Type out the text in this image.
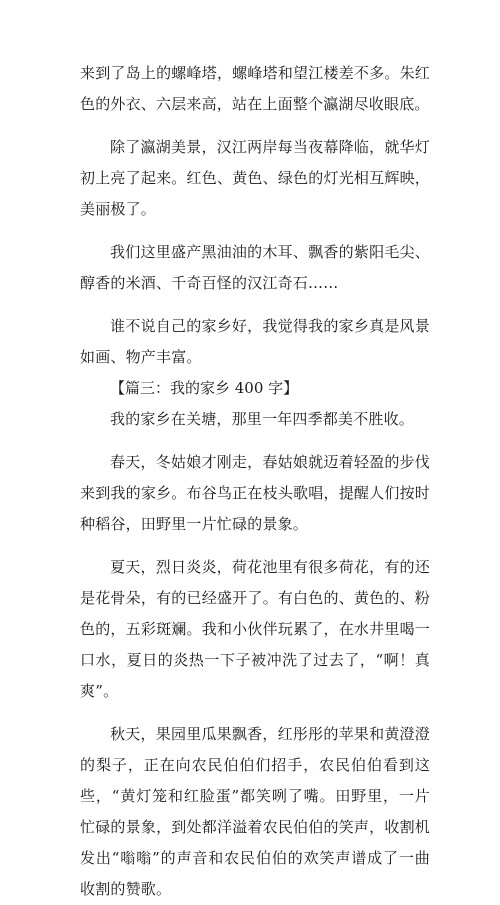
来到了岛上的螺峰塔，螺峰塔和望江楼差不多。朱红色的外衣、六层来高，站在上面整个瀛湖尽收眼底。

除了瀛湖美景，汉江两岸每当夜幕降临，就华灯初上亮了起来。红色、黄色、绿色的灯光相互辉映，美丽极了。

我们这里盛产黑油油的木耳、飘香的紫阳毛尖、醇香的米酒、千奇百怪的汉江奇石……

谁不说自己的家乡好，我觉得我的家乡真是风景如画、物产丰富。

【篇三：我的家乡 400 字】

我的家乡在关塘，那里一年四季都美不胜收。

春天，冬姑娘才刚走，春姑娘就迈着轻盈的步伐来到我的家乡。布谷鸟正在枝头歌唱，提醒人们按时种稻谷，田野里一片忙碌的景象。

夏天，烈日炎炎，荷花池里有很多荷花，有的还是花骨朵，有的已经盛开了。有白色的、黄色的、粉色的，五彩斑斓。我和小伙伴玩累了，在水井里喝一口水，夏日的炎热一下子被冲洗了过去了，“啊！真爽”。

秋天，果园里瓜果飘香，红彤彤的苹果和黄澄澄的梨子，正在向农民伯伯们招手，农民伯伯看到这些，“黄灯笼和红脸蛋”都笑咧了嘴。田野里，一片忙碌的景象，到处都洋溢着农民伯伯的笑声，收割机发出“嗡嗡”的声音和农民伯伯的欢笑声谱成了一曲收割的赞歌。
